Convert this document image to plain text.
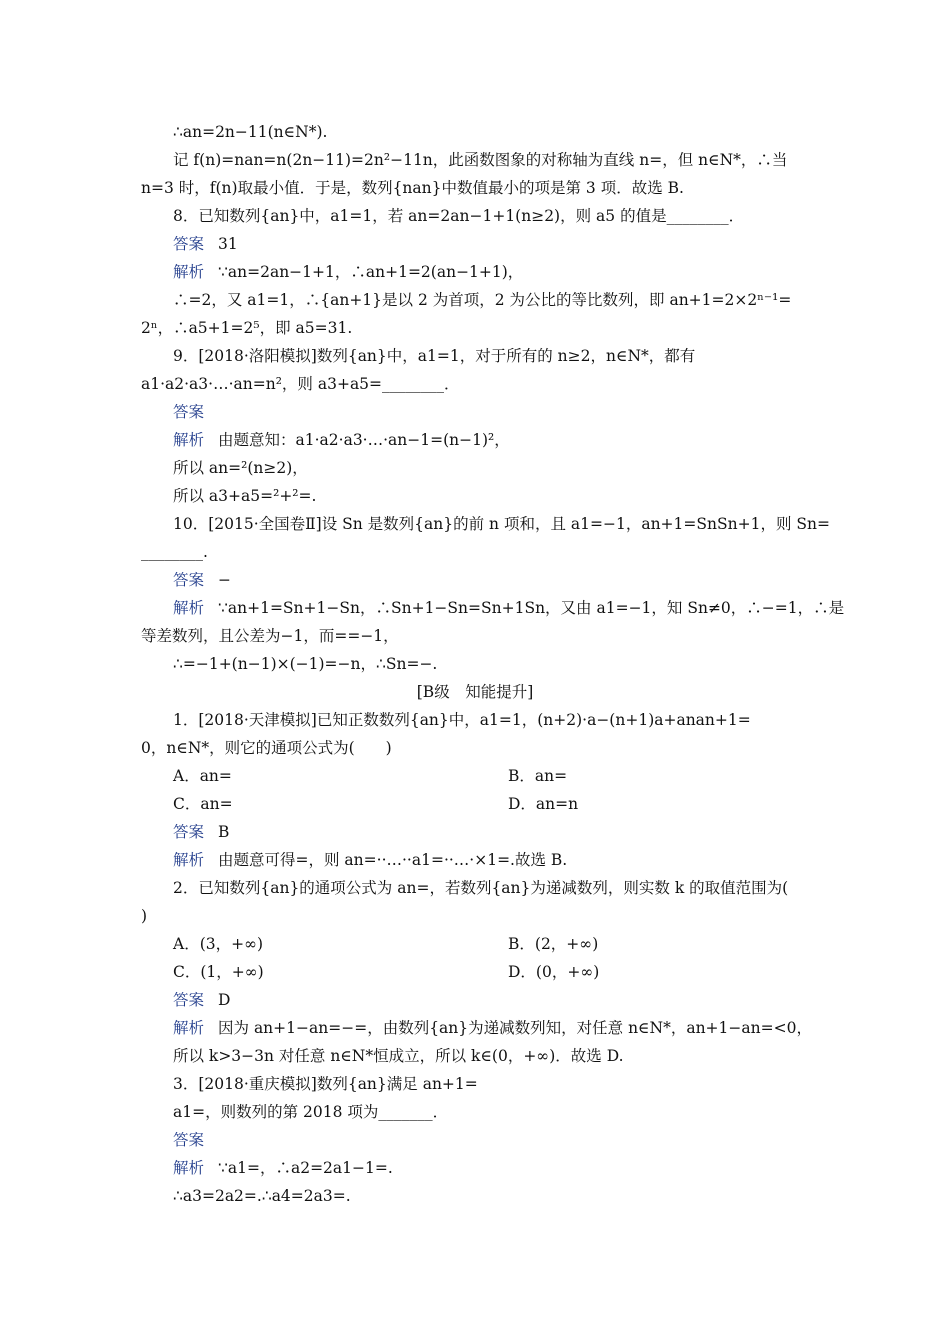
∴an=2n−11(n∈N*).
记 f(n)=nan=n(2n−11)=2n²−11n，此函数图象的对称轴为直线 n=，但 n∈N*，∴当
n=3 时，f(n)取最小值．于是，数列{nan}中数值最小的项是第 3 项．故选 B.
8．已知数列{an}中，a1=1，若 an=2an−1+1(n≥2)，则 a5 的值是________．
答案 31
解析 ∵an=2an−1+1，∴an+1=2(an−1+1)，
∴=2，又 a1=1，∴{an+1}是以 2 为首项，2 为公比的等比数列，即 an+1=2×2ⁿ⁻¹=
2ⁿ，∴a5+1=2⁵，即 a5=31.
9．[2018·洛阳模拟]数列{an}中，a1=1，对于所有的 n≥2，n∈N*，都有
a1·a2·a3·…·an=n²，则 a3+a5=________．
答案
解析 由题意知：a1·a2·a3·…·an−1=(n−1)²，
所以 an=²(n≥2)，
所以 a3+a5=²+²=.
10．[2015·全国卷Ⅱ]设 Sn 是数列{an}的前 n 项和，且 a1=−1，an+1=SnSn+1，则 Sn=
________.
答案 −
解析 ∵an+1=Sn+1−Sn，∴Sn+1−Sn=Sn+1Sn，又由 a1=−1，知 Sn≠0，∴−=1，∴是
等差数列，且公差为−1，而==−1，
∴=−1+(n−1)×(−1)=−n，∴Sn=−.
[B级　知能提升]
1．[2018·天津模拟]已知正数数列{an}中，a1=1，(n+2)·a−(n+1)a+anan+1=
0，n∈N*，则它的通项公式为(　　)
A．an=	B．an=
C．an=	D．an=n
答案 B
解析 由题意可得=，则 an=··…··a1=··…·×1=.故选 B.
2．已知数列{an}的通项公式为 an=，若数列{an}为递减数列，则实数 k 的取值范围为(
)
A．(3，+∞)	B．(2，+∞)
C．(1，+∞)	D．(0，+∞)
答案 D
解析 因为 an+1−an=−=，由数列{an}为递减数列知，对任意 n∈N*，an+1−an=<0，
所以 k>3−3n 对任意 n∈N*恒成立，所以 k∈(0，+∞)．故选 D.
3．[2018·重庆模拟]数列{an}满足 an+1=
a1=，则数列的第 2018 项为_______．
答案
解析 ∵a1=，∴a2=2a1−1=.
∴a3=2a2=.∴a4=2a3=.
